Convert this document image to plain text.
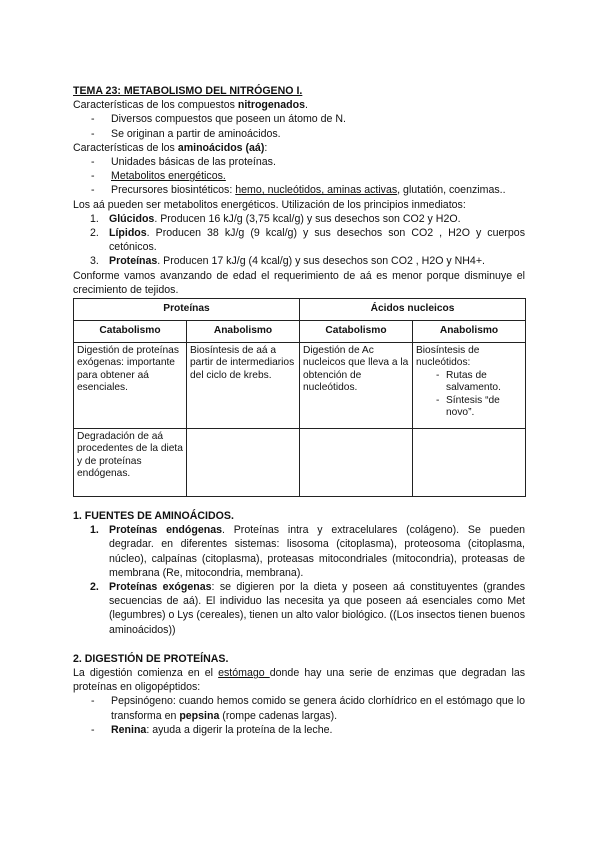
TEMA 23: METABOLISMO DEL NITRÓGENO I.

Características de los compuestos nitrogenados.

- Diversos compuestos que poseen un átomo de N.

- Se originan a partir de aminoácidos.

Características de los aminoácidos (aá):

- Unidades básicas de las proteínas.

- Metabolitos energéticos.

- Precursores biosintéticos: hemo, nucleótidos, aminas activas, glutatión, coenzimas..

Los aá pueden ser metabolitos energéticos. Utilización de los principios inmediatos:

1. Glúcidos. Producen 16 kJ/g (3,75 kcal/g) y sus desechos son CO2 y H2O.

2. Lípidos. Producen 38 kJ/g (9 kcal/g) y sus desechos son CO2 , H2O y cuerpos cetónicos.

3. Proteínas. Producen 17 kJ/g (4 kcal/g) y sus desechos son CO2 , H2O y NH4+.

Conforme vamos avanzando de edad el requerimiento de aá es menor porque disminuye el crecimiento de tejidos.

Proteínas		Ácidos nucleicos	
Catabolismo	Anabolismo	Catabolismo	Anabolismo
Digestión de proteínas exógenas: importante para obtener aá esenciales.	Biosíntesis de aá a partir de intermediarios del ciclo de krebs.	Digestión de Ac nucleicos que lleva a la obtención de nucleótidos.	Biosíntesis de nucleótidos:
- Rutas de salvamento.
- Síntesis “de novo”.

Degradación de aá procedentes de la dieta y de proteínas endógenas.			

1. FUENTES DE AMINOÁCIDOS.

1. Proteínas endógenas. Proteínas intra y extracelulares (colágeno). Se pueden degradar. en diferentes sistemas: lisosoma (citoplasma), proteosoma (citoplasma, núcleo), calpaínas (citoplasma), proteasas mitocondriales (mitocondria), proteasas de membrana (Re, mitocondria, membrana).

2. Proteínas exógenas: se digieren por la dieta y poseen aá constituyentes (grandes secuencias de aá). El individuo las necesita ya que poseen aá esenciales como Met (legumbres) o Lys (cereales), tienen un alto valor biológico. ((Los insectos tienen buenos aminoácidos))

2. DIGESTIÓN DE PROTEÍNAS.

La digestión comienza en el estómago donde hay una serie de enzimas que degradan las proteínas en oligopéptidos:

- Pepsinógeno: cuando hemos comido se genera ácido clorhídrico en el estómago que lo transforma en pepsina (rompe cadenas largas).

- Renina: ayuda a digerir la proteína de la leche.
